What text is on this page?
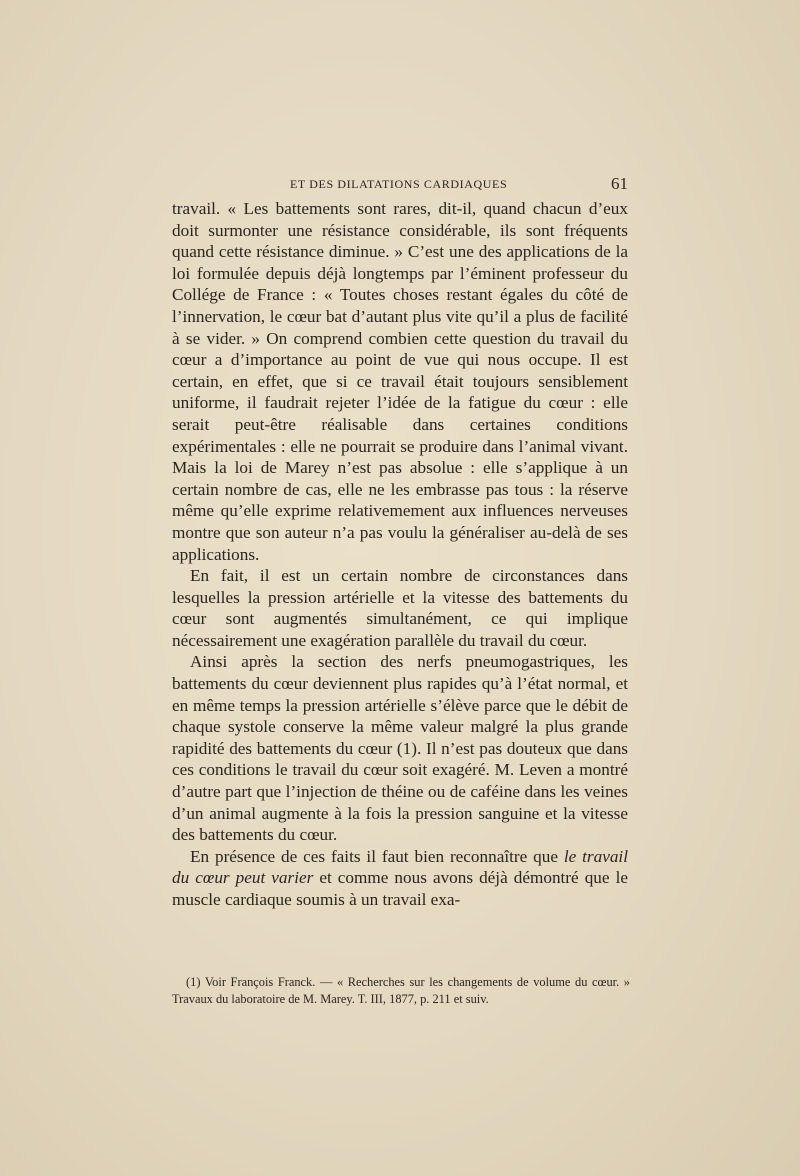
ET DES DILATATIONS CARDIAQUES	61

travail. « Les battements sont rares, dit-il, quand chacun d’eux doit surmonter une résistance considérable, ils sont fréquents quand cette résistance diminue. » C’est une des applications de la loi formulée depuis déjà longtemps par l’éminent professeur du Collége de France : « Toutes choses restant égales du côté de l’innervation, le cœur bat d’autant plus vite qu’il a plus de facilité à se vider. » On comprend combien cette question du travail du cœur a d’importance au point de vue qui nous occupe. Il est certain, en effet, que si ce travail était toujours sensiblement uniforme, il faudrait rejeter l’idée de la fatigue du cœur : elle serait peut-être réalisable dans certaines conditions expérimentales : elle ne pourrait se produire dans l’animal vivant. Mais la loi de Marey n’est pas absolue : elle s’applique à un certain nombre de cas, elle ne les embrasse pas tous : la réserve même qu’elle exprime relativemement aux influences nerveuses montre que son auteur n’a pas voulu la généraliser au-delà de ses applications.

En fait, il est un certain nombre de circonstances dans lesquelles la pression artérielle et la vitesse des battements du cœur sont augmentés simultanément, ce qui implique nécessairement une exagération parallèle du travail du cœur.

Ainsi après la section des nerfs pneumogastriques, les battements du cœur deviennent plus rapides qu’à l’état normal, et en même temps la pression artérielle s’élève parce que le débit de chaque systole conserve la même valeur malgré la plus grande rapidité des battements du cœur (1). Il n’est pas douteux que dans ces conditions le travail du cœur soit exagéré. M. Leven a montré d’autre part que l’injection de théine ou de caféine dans les veines d’un animal augmente à la fois la pression sanguine et la vitesse des battements du cœur.

En présence de ces faits il faut bien reconnaître que le travail du cœur peut varier et comme nous avons déjà démontré que le muscle cardiaque soumis à un travail exa-

(1) Voir François Franck. — « Recherches sur les changements de volume du cœur. » Travaux du laboratoire de M. Marey. T. III, 1877, p. 211 et suiv.
